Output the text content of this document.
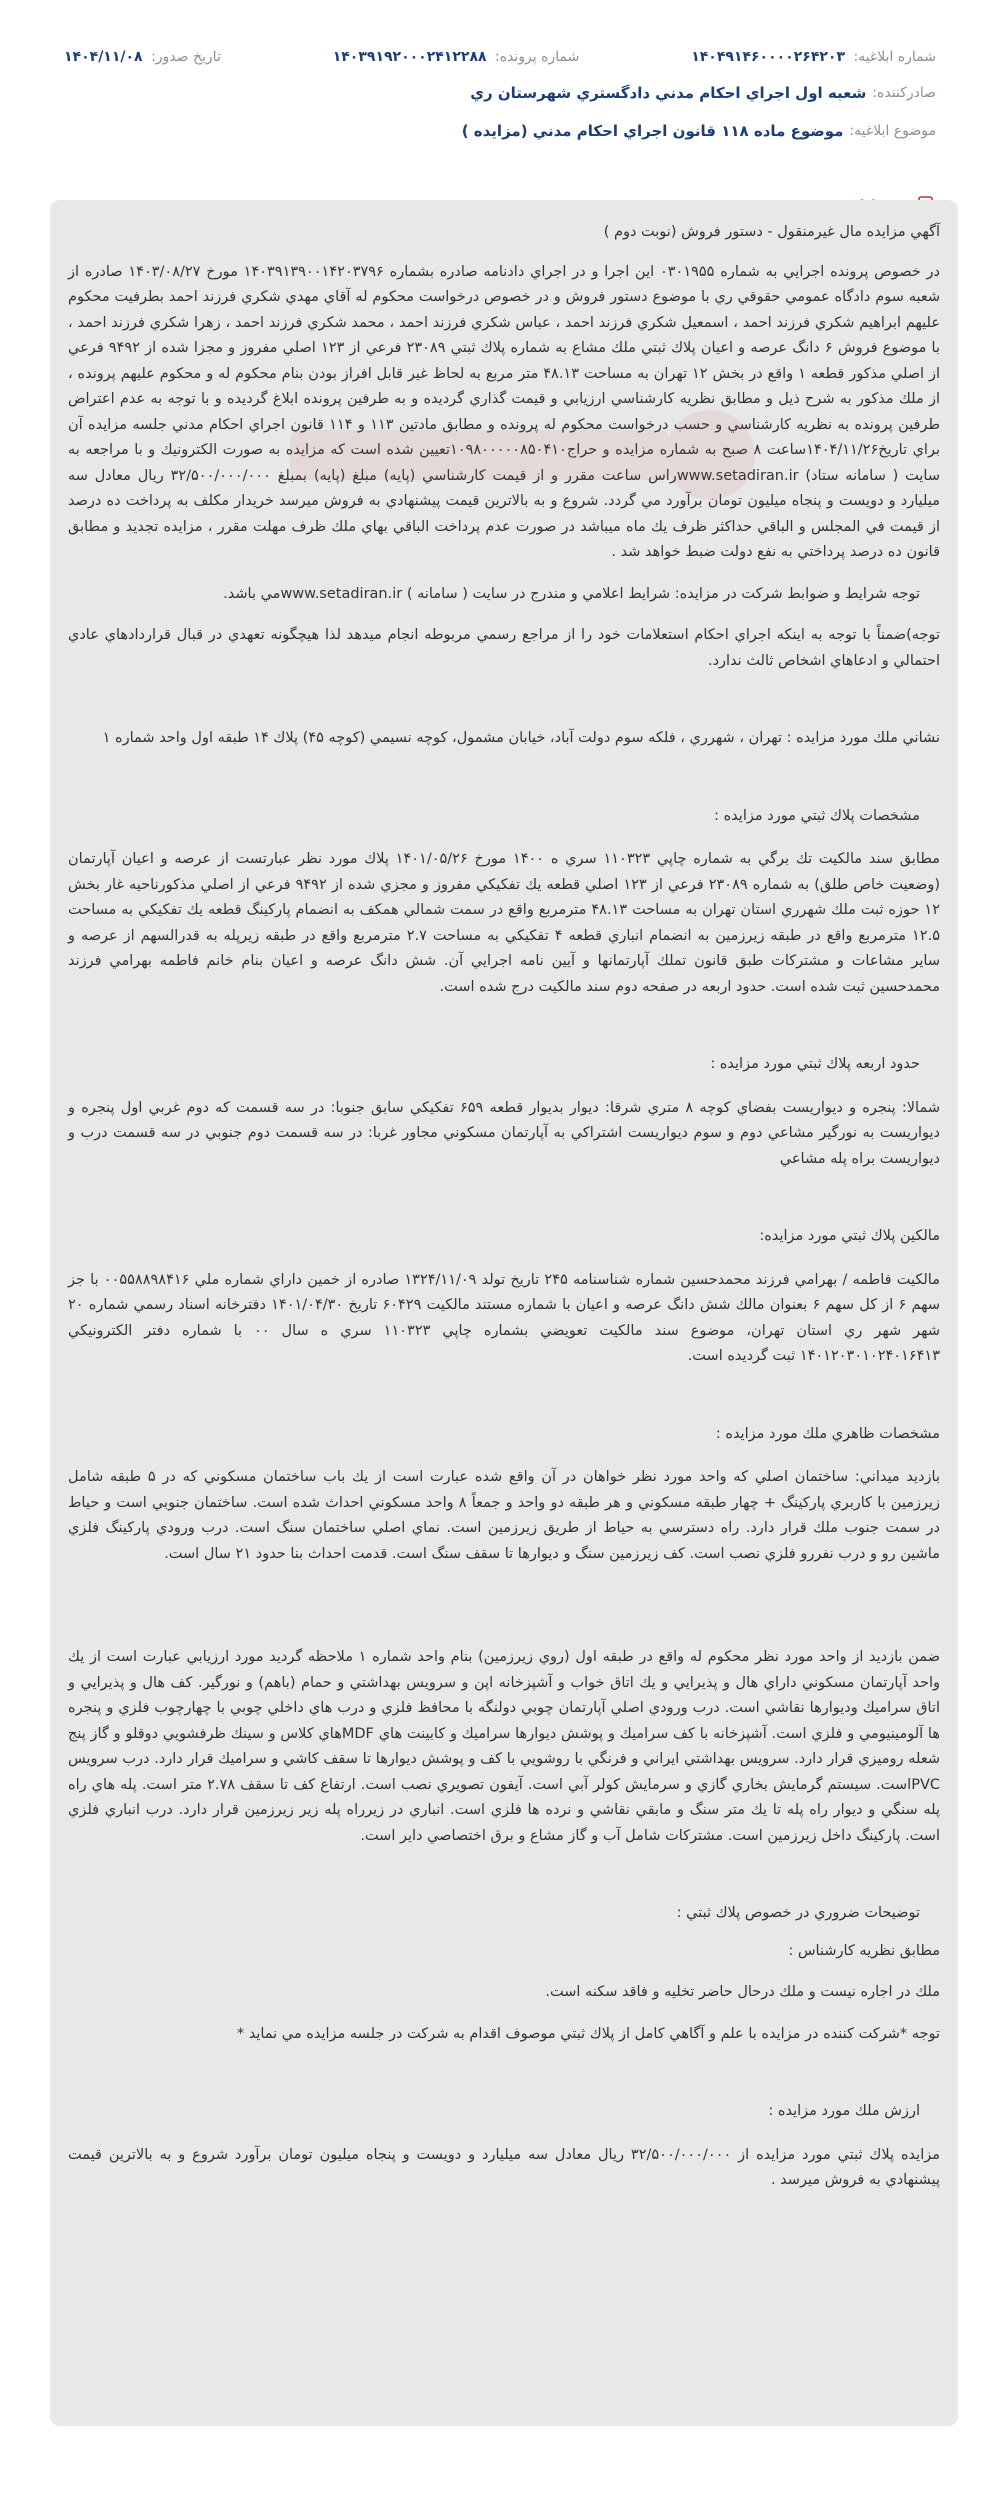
شماره ابلاغيه: ۱۴۰۴۹۱۴۶۰۰۰۰۲۶۴۲۰۳
شماره پرونده: ۱۴۰۳۹۱۹۲۰۰۰۲۴۱۲۲۸۸
تاريخ صدور: ۱۴۰۴/۱۱/۰۸
صادرکننده:
شعبه اول اجراي احكام مدني دادگستري شهرستان ري
موضوع ابلاغيه:
موضوع ماده ۱۱۸ قانون اجراي احكام مدني (مزايده )

آگهي مزايده مال غيرمنقول - دستور فروش (نوبت دوم )

در خصوص پرونده اجرايي به شماره ۰۳۰۱۹۵۵ اين اجرا و در اجراي دادنامه صادره بشماره ۱۴۰۳۹۱۳۹۰۰۱۴۲۰۳۷۹۶ مورخ ۱۴۰۳/۰۸/۲۷ صادره از شعبه سوم دادگاه عمومي حقوقي ري با موضوع دستور فروش و در خصوص درخواست محکوم له آقاي مهدي شكري فرزند احمد بطرفيت محکوم عليهم ابراهيم شكري فرزند احمد ، اسمعيل شكري فرزند احمد ، عباس شكري فرزند احمد ، محمد شكري فرزند احمد ، زهرا شكري فرزند احمد ، با موضوع فروش ۶ دانگ عرصه و اعيان پلاك ثبتي ملك مشاع به شماره پلاك ثبتي ۲۳۰۸۹ فرعي از ۱۲۳ اصلي مفروز و مجزا شده از ۹۴۹۲ فرعي از اصلي مذكور قطعه ۱ واقع در بخش ۱۲ تهران به مساحت ۴۸.۱۳ متر مربع به لحاظ غير قابل افراز بودن بنام محكوم له و محكوم عليهم پرونده ، از ملك مذكور به شرح ذيل و مطابق نظريه كارشناسي ارزيابي و قيمت گذاري گرديده و به طرفين پرونده ابلاغ گرديده و با توجه به عدم اعتراض طرفين پرونده به نظريه كارشناسي و حسب درخواست محكوم له پرونده و مطابق مادتين ۱۱۳ و ۱۱۴ قانون اجراي احكام مدني جلسه مزايده آن براي تاريخ۱۴۰۴/۱۱/۲۶ساعت ۸ صبح به شماره مزايده و حراج۱۰۹۸۰۰۰۰۰۸۵۰۴۱۰تعيين شده است كه مزايده به صورت الكترونيك و با مراجعه به سايت ( سامانه ستاد) www.setadiran.irراس ساعت مقرر و از قيمت كارشناسي (پايه) مبلغ (پايه) بمبلغ ۳۲/۵۰۰/۰۰۰/۰۰۰ ريال معادل سه ميليارد و دويست و پنجاه ميليون تومان برآورد مي گردد. شروع و به بالاترين قيمت پيشنهادي به فروش ميرسد خريدار مكلف به پرداخت ده درصد از قيمت في المجلس و الباقي حداكثر ظرف يك ماه ميباشد در صورت عدم پرداخت الباقي بهاي ملك ظرف مهلت مقرر ، مزايده تجديد و مطابق قانون ده درصد پرداختي به نفع دولت ضبط خواهد شد .

توجه شرايط و ضوابط شركت در مزايده: شرايط اعلامي و مندرج در سايت ( سامانه ) www.setadiran.irمي باشد.

توجه)ضمناً با توجه به اينكه اجراي احكام استعلامات خود را از مراجع رسمي مربوطه انجام ميدهد لذا هيچگونه تعهدي در قبال قراردادهاي عادي احتمالي و ادعاهاي اشخاص ثالث ندارد.

نشاني ملك مورد مزايده : تهران ، شهرري ، فلكه سوم دولت آباد، خيابان مشمول، كوچه نسيمي (كوچه ۴۵) پلاك ۱۴ طبقه اول واحد شماره ۱

مشخصات پلاك ثبتي مورد مزايده :

مطابق سند مالكيت تك برگي به شماره چاپي ۱۱۰۳۲۳ سري ه ۱۴۰۰ مورخ ۱۴۰۱/۰۵/۲۶ پلاك مورد نظر عبارتست از عرصه و اعيان آپارتمان (وضعيت خاص طلق) به شماره ۲۳۰۸۹ فرعي از ۱۲۳ اصلي قطعه يك تفكيكي مفروز و مجزي شده از ۹۴۹۲ فرعي از اصلي مذكورناحيه غار بخش ۱۲ حوزه ثبت ملك شهرري استان تهران به مساحت ۴۸.۱۳ مترمربع واقع در سمت شمالي همكف به انضمام پاركينگ قطعه يك تفكيكي به مساحت ۱۲.۵ مترمربع واقع در طبقه زيرزمين به انضمام انباري قطعه ۴ تفكيكي به مساحت ۲.۷ مترمربع واقع در طبقه زيرپله به قدرالسهم از عرصه و ساير مشاعات و مشتركات طبق قانون تملك آپارتمانها و آيين نامه اجرايي آن. شش دانگ عرصه و اعيان بنام خانم فاطمه بهرامي فرزند محمدحسين ثبت شده است. حدود اربعه در صفحه دوم سند مالكيت درج شده است.

حدود اربعه پلاك ثبتي مورد مزايده :

شمالا: پنجره و ديواريست بفضاي كوچه ۸ متري شرقا: ديوار بديوار قطعه ۶۵۹ تفكيكي سابق جنوبا: در سه قسمت كه دوم غربي اول پنجره و ديواريست به نورگير مشاعي دوم و سوم ديواريست اشتراكي به آپارتمان مسكوني مجاور غربا: در سه قسمت دوم جنوبي در سه قسمت درب و ديواريست براه پله مشاعي

مالكين پلاك ثبتي مورد مزايده:

مالكيت فاطمه / بهرامي فرزند محمدحسين شماره شناسنامه ۲۴۵ تاريخ تولد ۱۳۲۴/۱۱/۰۹ صادره از خمين داراي شماره ملي ۰۰۵۵۸۸۹۸۴۱۶ با جز سهم ۶ از كل سهم ۶ بعنوان مالك شش دانگ عرصه و اعيان با شماره مستند مالكيت ۶۰۴۲۹ تاريخ ۱۴۰۱/۰۴/۳۰ دفترخانه اسناد رسمي شماره ۲۰ شهر شهر ري استان تهران، موضوع سند مالكيت تعويضي بشماره چاپي ۱۱۰۳۲۳ سري ه سال ۰۰ با شماره دفتر الكترونيكي ۱۴۰۱۲۰۳۰۱۰۲۴۰۱۶۴۱۳ ثبت گرديده است.

مشخصات ظاهري ملك مورد مزايده :

بازديد ميداني: ساختمان اصلي كه واحد مورد نظر خواهان در آن واقع شده عبارت است از يك باب ساختمان مسكوني كه در ۵ طبقه شامل زيرزمين با كاربري پاركينگ + چهار طبقه مسكوني و هر طبقه دو واحد و جمعاً ۸ واحد مسكوني احداث شده است. ساختمان جنوبي است و حياط در سمت جنوب ملك قرار دارد. راه دسترسي به حياط از طريق زيرزمين است. نماي اصلي ساختمان سنگ است. درب ورودي پاركينگ فلزي ماشين رو و درب نفررو فلزي نصب است. كف زيرزمين سنگ و ديوارها تا سقف سنگ است. قدمت احداث بنا حدود ۲۱ سال است.

ضمن بازديد از واحد مورد نظر محكوم له واقع در طبقه اول (روي زيرزمين) بنام واحد شماره ۱ ملاحظه گرديد مورد ارزيابي عبارت است از يك واحد آپارتمان مسكوني داراي هال و پذيرايي و يك اتاق خواب و آشپزخانه اپن و سرويس بهداشتي و حمام (باهم) و نورگير. كف هال و پذيرايي و اتاق سراميك وديوارها نقاشي است. درب ورودي اصلي آپارتمان چوبي دولنگه با محافظ فلزي و درب هاي داخلي چوبي با چهارچوب فلزي و پنجره ها آلومينيومي و فلزي است. آشپزخانه با كف سراميك و پوشش ديوارها سراميك و كابينت هاي MDFهاي كلاس و سينك ظرفشويي دوقلو و گاز پنج شعله روميزي قرار دارد. سرويس بهداشتي ايراني و فرنگي با روشويي با كف و پوشش ديوارها تا سقف كاشي و سراميك قرار دارد. درب سرويس PVCاست. سيستم گرمايش بخاري گازي و سرمايش كولر آبي است. آيفون تصويري نصب است. ارتفاع كف تا سقف ۲.۷۸ متر است. پله هاي راه پله سنگي و ديوار راه پله تا يك متر سنگ و مابقي نقاشي و نرده ها فلزي است. انباري در زيرراه پله زير زيرزمين قرار دارد. درب انباري فلزي است. پاركينگ داخل زيرزمين است. مشتركات شامل آب و گاز مشاع و برق اختصاصي داير است.

توضيحات ضروري در خصوص پلاك ثبتي :

مطابق نظريه كارشناس :

ملك در اجاره نيست و ملك درحال حاضر تخليه و فاقد سكنه است.

توجه *شركت كننده در مزايده با علم و آگاهي كامل از پلاك ثبتي موصوف اقدام به شركت در جلسه مزايده مي نمايد *

ارزش ملك مورد مزايده :

مزايده پلاك ثبتي مورد مزايده از ۳۲/۵۰۰/۰۰۰/۰۰۰ ريال معادل سه ميليارد و دويست و پنجاه ميليون تومان برآورد شروع و به بالاترين قيمت پيشنهادي به فروش ميرسد .
